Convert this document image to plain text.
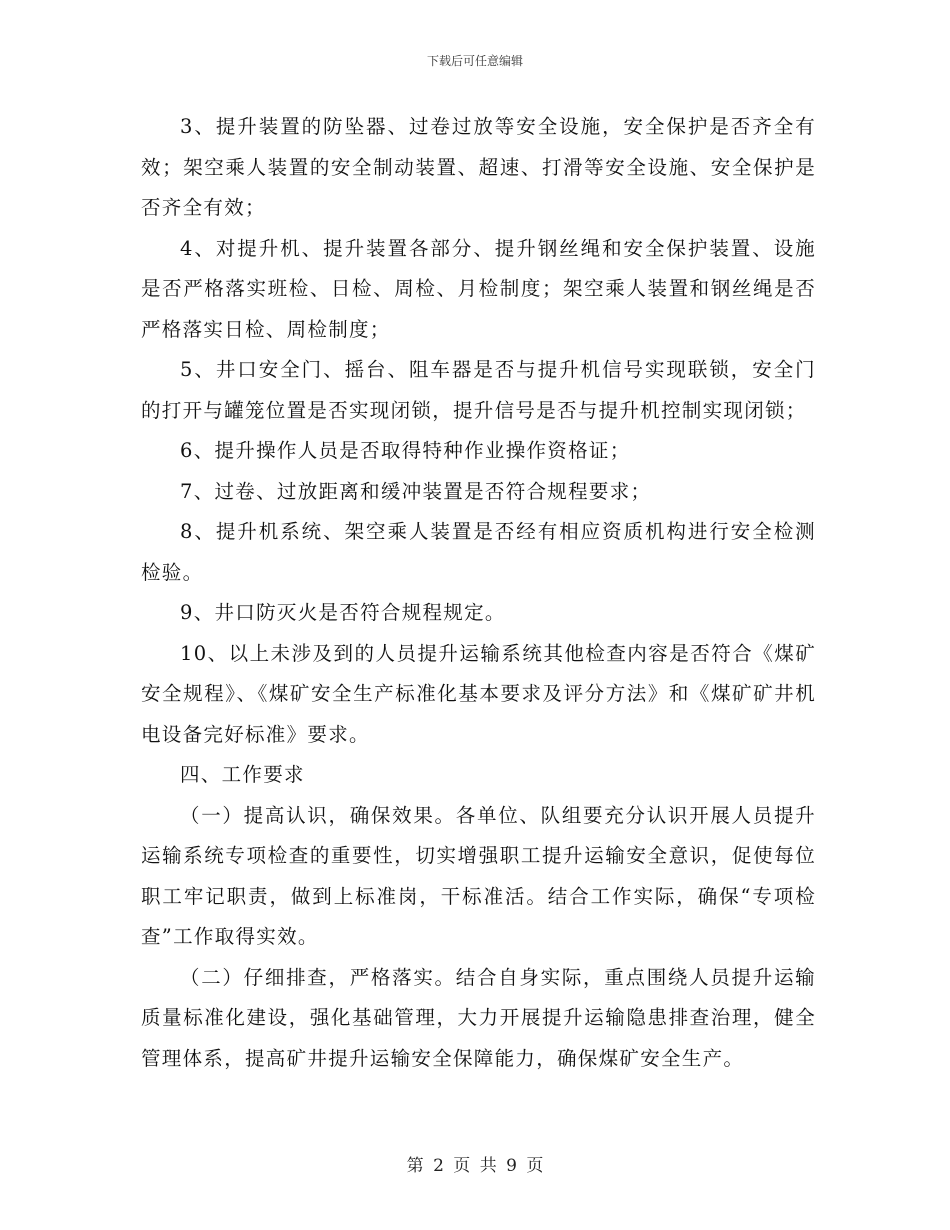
下载后可任意编辑

3、提升装置的防坠器、过卷过放等安全设施，安全保护是否齐全有效；架空乘人装置的安全制动装置、超速、打滑等安全设施、安全保护是否齐全有效；

4、对提升机、提升装置各部分、提升钢丝绳和安全保护装置、设施是否严格落实班检、日检、周检、月检制度；架空乘人装置和钢丝绳是否严格落实日检、周检制度；

5、井口安全门、摇台、阻车器是否与提升机信号实现联锁，安全门的打开与罐笼位置是否实现闭锁，提升信号是否与提升机控制实现闭锁；

6、提升操作人员是否取得特种作业操作资格证；

7、过卷、过放距离和缓冲装置是否符合规程要求；

8、提升机系统、架空乘人装置是否经有相应资质机构进行安全检测检验。

9、井口防灭火是否符合规程规定。

10、以上未涉及到的人员提升运输系统其他检查内容是否符合《煤矿安全规程》、《煤矿安全生产标准化基本要求及评分方法》和《煤矿矿井机电设备完好标准》要求。

四、工作要求

（一）提高认识，确保效果。各单位、队组要充分认识开展人员提升运输系统专项检查的重要性，切实增强职工提升运输安全意识，促使每位职工牢记职责，做到上标准岗，干标准活。结合工作实际，确保“专项检查”工作取得实效。

（二）仔细排查，严格落实。结合自身实际，重点围绕人员提升运输质量标准化建设，强化基础管理，大力开展提升运输隐患排查治理，健全管理体系，提高矿井提升运输安全保障能力，确保煤矿安全生产。

第 2 页 共 9 页
